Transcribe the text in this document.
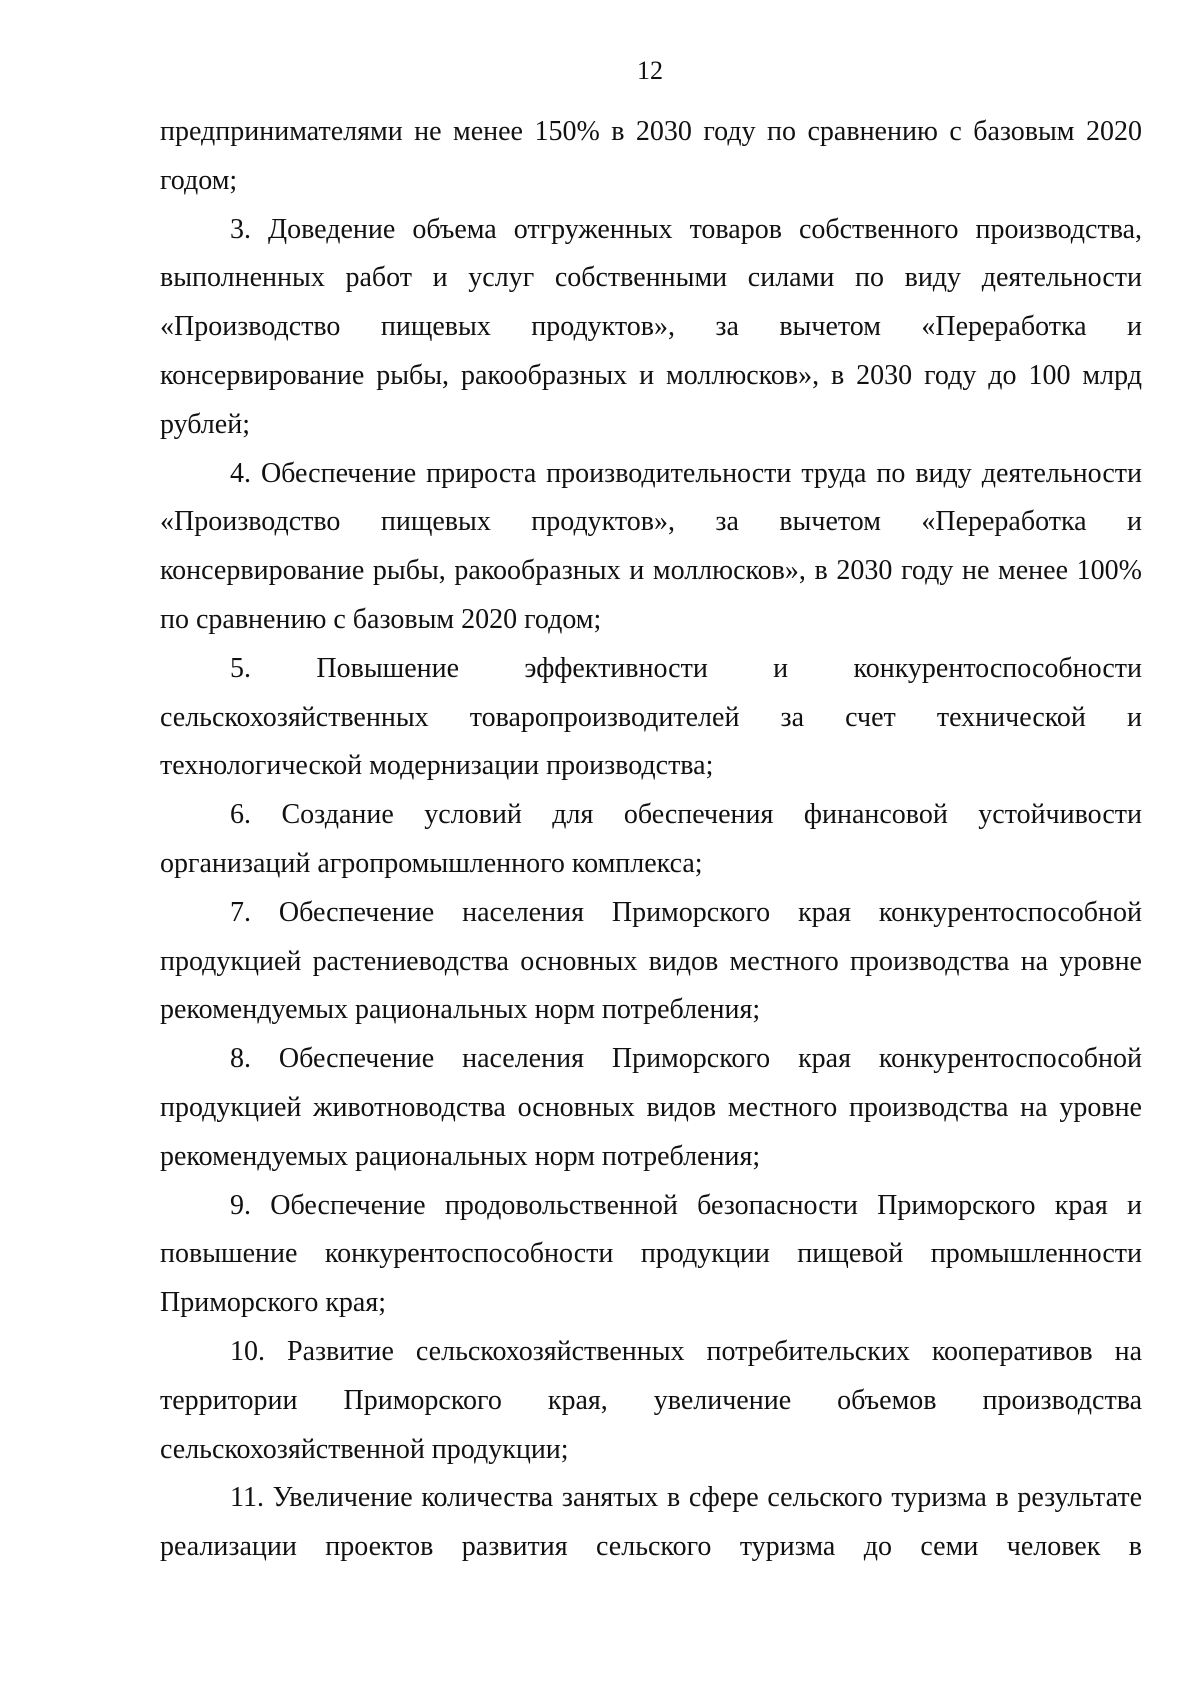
12

предпринимателями не менее 150% в 2030 году по сравнению с базовым 2020 годом;

3. Доведение объема отгруженных товаров собственного производства, выполненных работ и услуг собственными силами по виду деятельности «Производство пищевых продуктов», за вычетом «Переработка и консервирование рыбы, ракообразных и моллюсков», в 2030 году до 100 млрд рублей;

4. Обеспечение прироста производительности труда по виду деятельности «Производство пищевых продуктов», за вычетом «Переработка и консервирование рыбы, ракообразных и моллюсков», в 2030 году не менее 100% по сравнению с базовым 2020 годом;

5. Повышение эффективности и конкурентоспособности сельскохозяйственных товаропроизводителей за счет технической и технологической модернизации производства;

6. Создание условий для обеспечения финансовой устойчивости организаций агропромышленного комплекса;

7. Обеспечение населения Приморского края конкурентоспособной продукцией растениеводства основных видов местного производства на уровне рекомендуемых рациональных норм потребления;

8. Обеспечение населения Приморского края конкурентоспособной продукцией животноводства основных видов местного производства на уровне рекомендуемых рациональных норм потребления;

9. Обеспечение продовольственной безопасности Приморского края и повышение конкурентоспособности продукции пищевой промышленности Приморского края;

10. Развитие сельскохозяйственных потребительских кооперативов на территории Приморского края, увеличение объемов производства сельскохозяйственной продукции;

11. Увеличение количества занятых в сфере сельского туризма в результате реализации проектов развития сельского туризма до семи человек в
